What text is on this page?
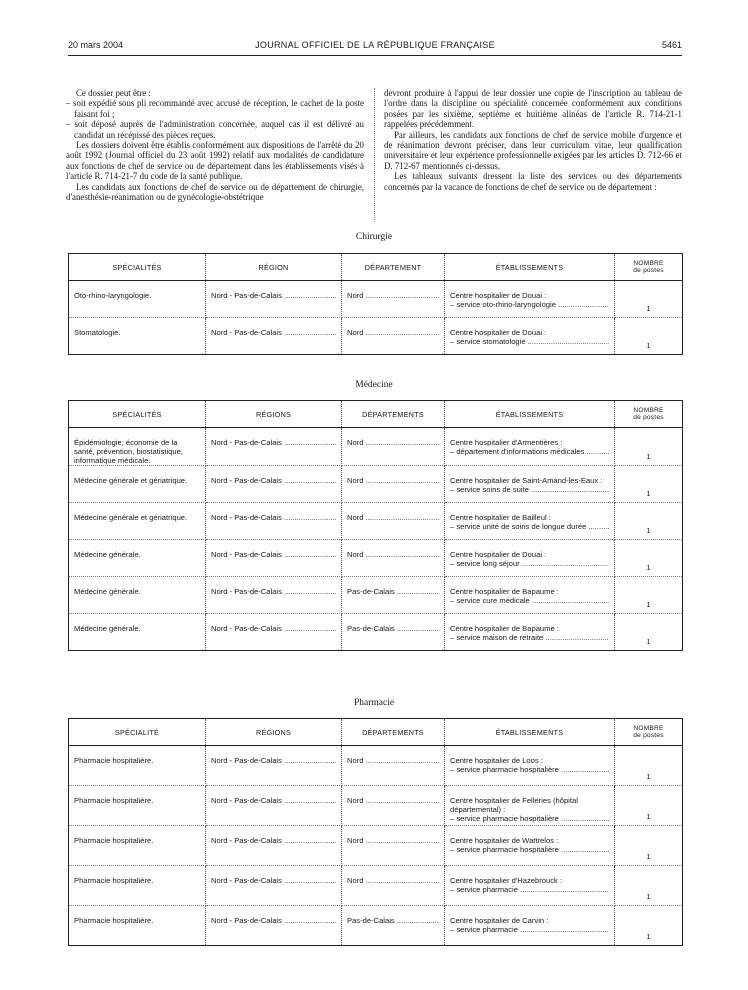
20 mars 2004	JOURNAL OFFICIEL DE LA RÉPUBLIQUE FRANÇAISE	5461

Ce dossier peut être :

– soit expédié sous pli recommandé avec accusé de réception, le cachet de la poste faisant foi ;

– soit déposé auprès de l'administration concernée, auquel cas il est délivré au candidat un récépissé des pièces reçues.

Les dossiers doivent être établis conformément aux dispositions de l'arrêté du 20 août 1992 (Journal officiel du 23 août 1992) relatif aux modalités de candidature aux fonctions de chef de service ou de département dans les établissements visés à l'article R. 714-21-7 du code de la santé publique.

Les candidats aux fonctions de chef de service ou de département de chirurgie, d'anesthésie-réanimation ou de gynécologie-obstétrique

devront produire à l'appui de leur dossier une copie de l'inscription au tableau de l'ordre dans la discipline ou spécialité concernée conformément aux conditions posées par les sixième, septième et huitième alinéas de l'article R. 714-21-1 rappelées précédemment.

Par ailleurs, les candidats aux fonctions de chef de service mobile d'urgence et de réanimation devront préciser, dans leur curriculum vitae, leur qualification universitaire et leur expérience professionnelle exigées par les articles D. 712-66 et D. 712-67 mentionnés ci-dessus.

Les tableaux suivants dressent la liste des services ou des départements concernés par la vacance de fonctions de chef de service ou de département :

Chirurgie
SPÉCIALITÉS	RÉGION	DÉPARTEMENT	ÉTABLISSEMENTS	NOMBRE
de postes
Oto-rhino-laryngologie.	Nord - Pas-de-Calais .....	Nord .....	Centre hospitalier de Douai :
– service oto-rhino-laryngologie .....	1
Stomatologie.	Nord - Pas-de-Calais .....	Nord .....	Centre hospitalier de Douai :
– service stomatologie .....	1
Médecine
SPÉCIALITÉS	RÉGIONS	DÉPARTEMENTS	ÉTABLISSEMENTS	NOMBRE
de postes
Épidémiologie, économie de la santé, prévention, biostatistique, informatique médicale.	Nord - Pas-de-Calais .....	Nord .....	Centre hospitalier d'Armentières :
– département d'informations médicales .....	1
Médecine générale et gériatrique.	Nord - Pas-de-Calais .....	Nord .....	Centre hospitalier de Saint-Amand-les-Eaux :
– service soins de suite .....	1
Médecine générale et gériatrique.	Nord - Pas-de-Calais .....	Nord .....	Centre hospitalier de Bailleul :
– service unité de soins de longue durée .....	1
Médecine générale.	Nord - Pas-de-Calais .....	Nord .....	Centre hospitalier de Douai :
– service long séjour .....	1
Médecine générale.	Nord - Pas-de-Calais .....	Pas-de-Calais .....	Centre hospitalier de Bapaume :
– service cure médicale .....	1
Médecine générale.	Nord - Pas-de-Calais .....	Pas-de-Calais .....	Centre hospitalier de Bapaume :
– service maison de retraite .....	1
Pharmacie
SPÉCIALITÉ	RÉGIONS	DÉPARTEMENTS	ÉTABLISSEMENTS	NOMBRE
de postes
Pharmacie hospitalière.	Nord - Pas-de-Calais .....	Nord .....	Centre hospitalier de Loos :
– service pharmacie hospitalière .....	1
Pharmacie hospitalière.	Nord - Pas-de-Calais .....	Nord .....	Centre hospitalier de Felleries (hôpital départemental) :
– service pharmacie hospitalière .....	1
Pharmacie hospitalière.	Nord - Pas-de-Calais .....	Nord .....	Centre hospitalier de Wattrelos :
– service pharmacie hospitalière .....	1
Pharmacie hospitalière.	Nord - Pas-de-Calais .....	Nord .....	Centre hospitalier d'Hazebrouck :
– service pharmacie .....	1
Pharmacie hospitalière.	Nord - Pas-de-Calais .....	Pas-de-Calais .....	Centre hospitalier de Carvin :
– service pharmacie .....	1
